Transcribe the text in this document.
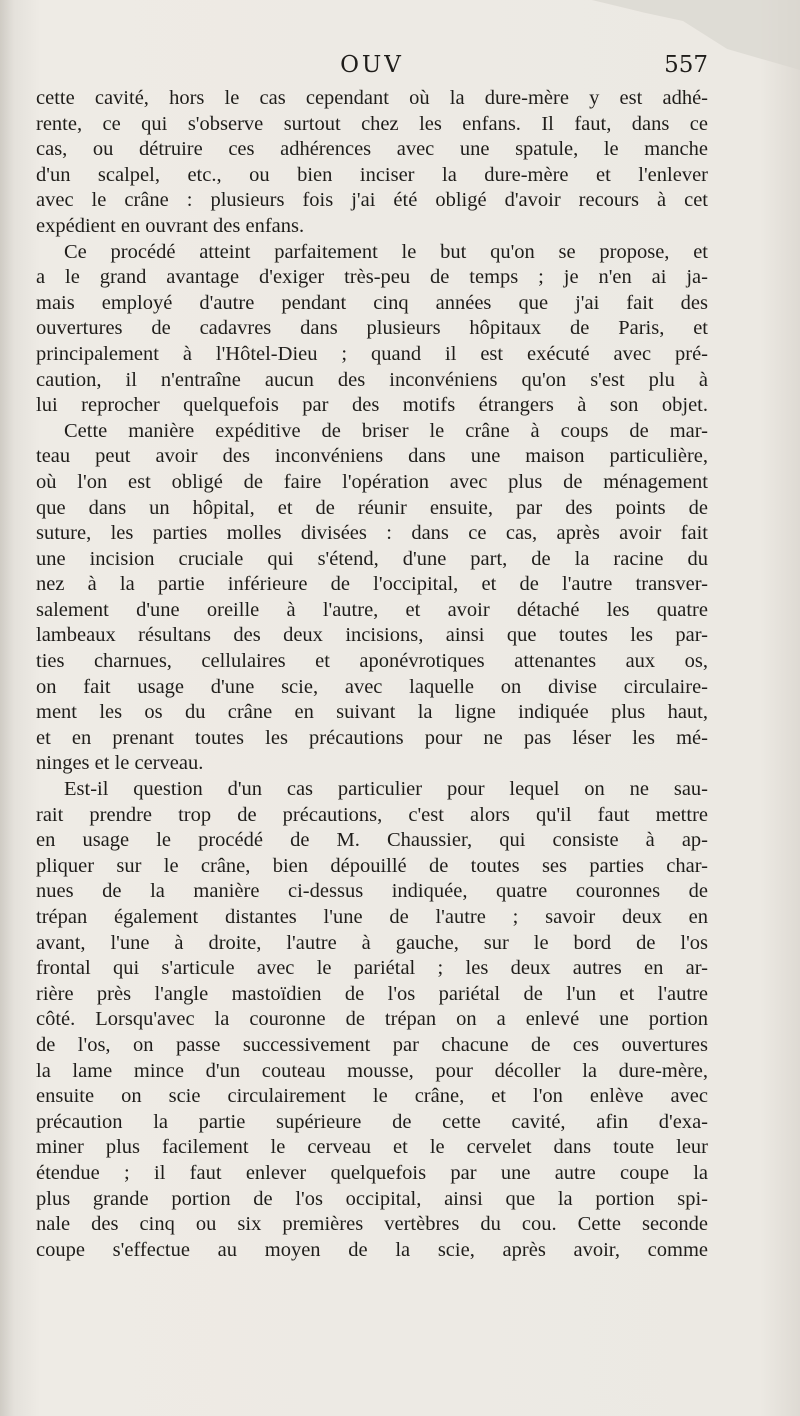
OUV	557
cette cavité, hors le cas cependant où la dure-mère y est adhé-
rente, ce qui s'observe surtout chez les enfans. Il faut, dans ce
cas, ou détruire ces adhérences avec une spatule, le manche
d'un scalpel, etc., ou bien inciser la dure-mère et l'enlever
avec le crâne : plusieurs fois j'ai été obligé d'avoir recours à cet
expédient en ouvrant des enfans.
Ce procédé atteint parfaitement le but qu'on se propose, et
a le grand avantage d'exiger très-peu de temps ; je n'en ai ja-
mais employé d'autre pendant cinq années que j'ai fait des
ouvertures de cadavres dans plusieurs hôpitaux de Paris, et
principalement à l'Hôtel-Dieu ; quand il est exécuté avec pré-
caution, il n'entraîne aucun des inconvéniens qu'on s'est plu à
lui reprocher quelquefois par des motifs étrangers à son objet.
Cette manière expéditive de briser le crâne à coups de mar-
teau peut avoir des inconvéniens dans une maison particulière,
où l'on est obligé de faire l'opération avec plus de ménagement
que dans un hôpital, et de réunir ensuite, par des points de
suture, les parties molles divisées : dans ce cas, après avoir fait
une incision cruciale qui s'étend, d'une part, de la racine du
nez à la partie inférieure de l'occipital, et de l'autre transver-
salement d'une oreille à l'autre, et avoir détaché les quatre
lambeaux résultans des deux incisions, ainsi que toutes les par-
ties charnues, cellulaires et aponévrotiques attenantes aux os,
on fait usage d'une scie, avec laquelle on divise circulaire-
ment les os du crâne en suivant la ligne indiquée plus haut,
et en prenant toutes les précautions pour ne pas léser les mé-
ninges et le cerveau.
Est-il question d'un cas particulier pour lequel on ne sau-
rait prendre trop de précautions, c'est alors qu'il faut mettre
en usage le procédé de M. Chaussier, qui consiste à ap-
pliquer sur le crâne, bien dépouillé de toutes ses parties char-
nues de la manière ci-dessus indiquée, quatre couronnes de
trépan également distantes l'une de l'autre ; savoir deux en
avant, l'une à droite, l'autre à gauche, sur le bord de l'os
frontal qui s'articule avec le pariétal ; les deux autres en ar-
rière près l'angle mastoïdien de l'os pariétal de l'un et l'autre
côté. Lorsqu'avec la couronne de trépan on a enlevé une portion
de l'os, on passe successivement par chacune de ces ouvertures
la lame mince d'un couteau mousse, pour décoller la dure-mère,
ensuite on scie circulairement le crâne, et l'on enlève avec
précaution la partie supérieure de cette cavité, afin d'exa-
miner plus facilement le cerveau et le cervelet dans toute leur
étendue ; il faut enlever quelquefois par une autre coupe la
plus grande portion de l'os occipital, ainsi que la portion spi-
nale des cinq ou six premières vertèbres du cou. Cette seconde
coupe s'effectue au moyen de la scie, après avoir, comme
